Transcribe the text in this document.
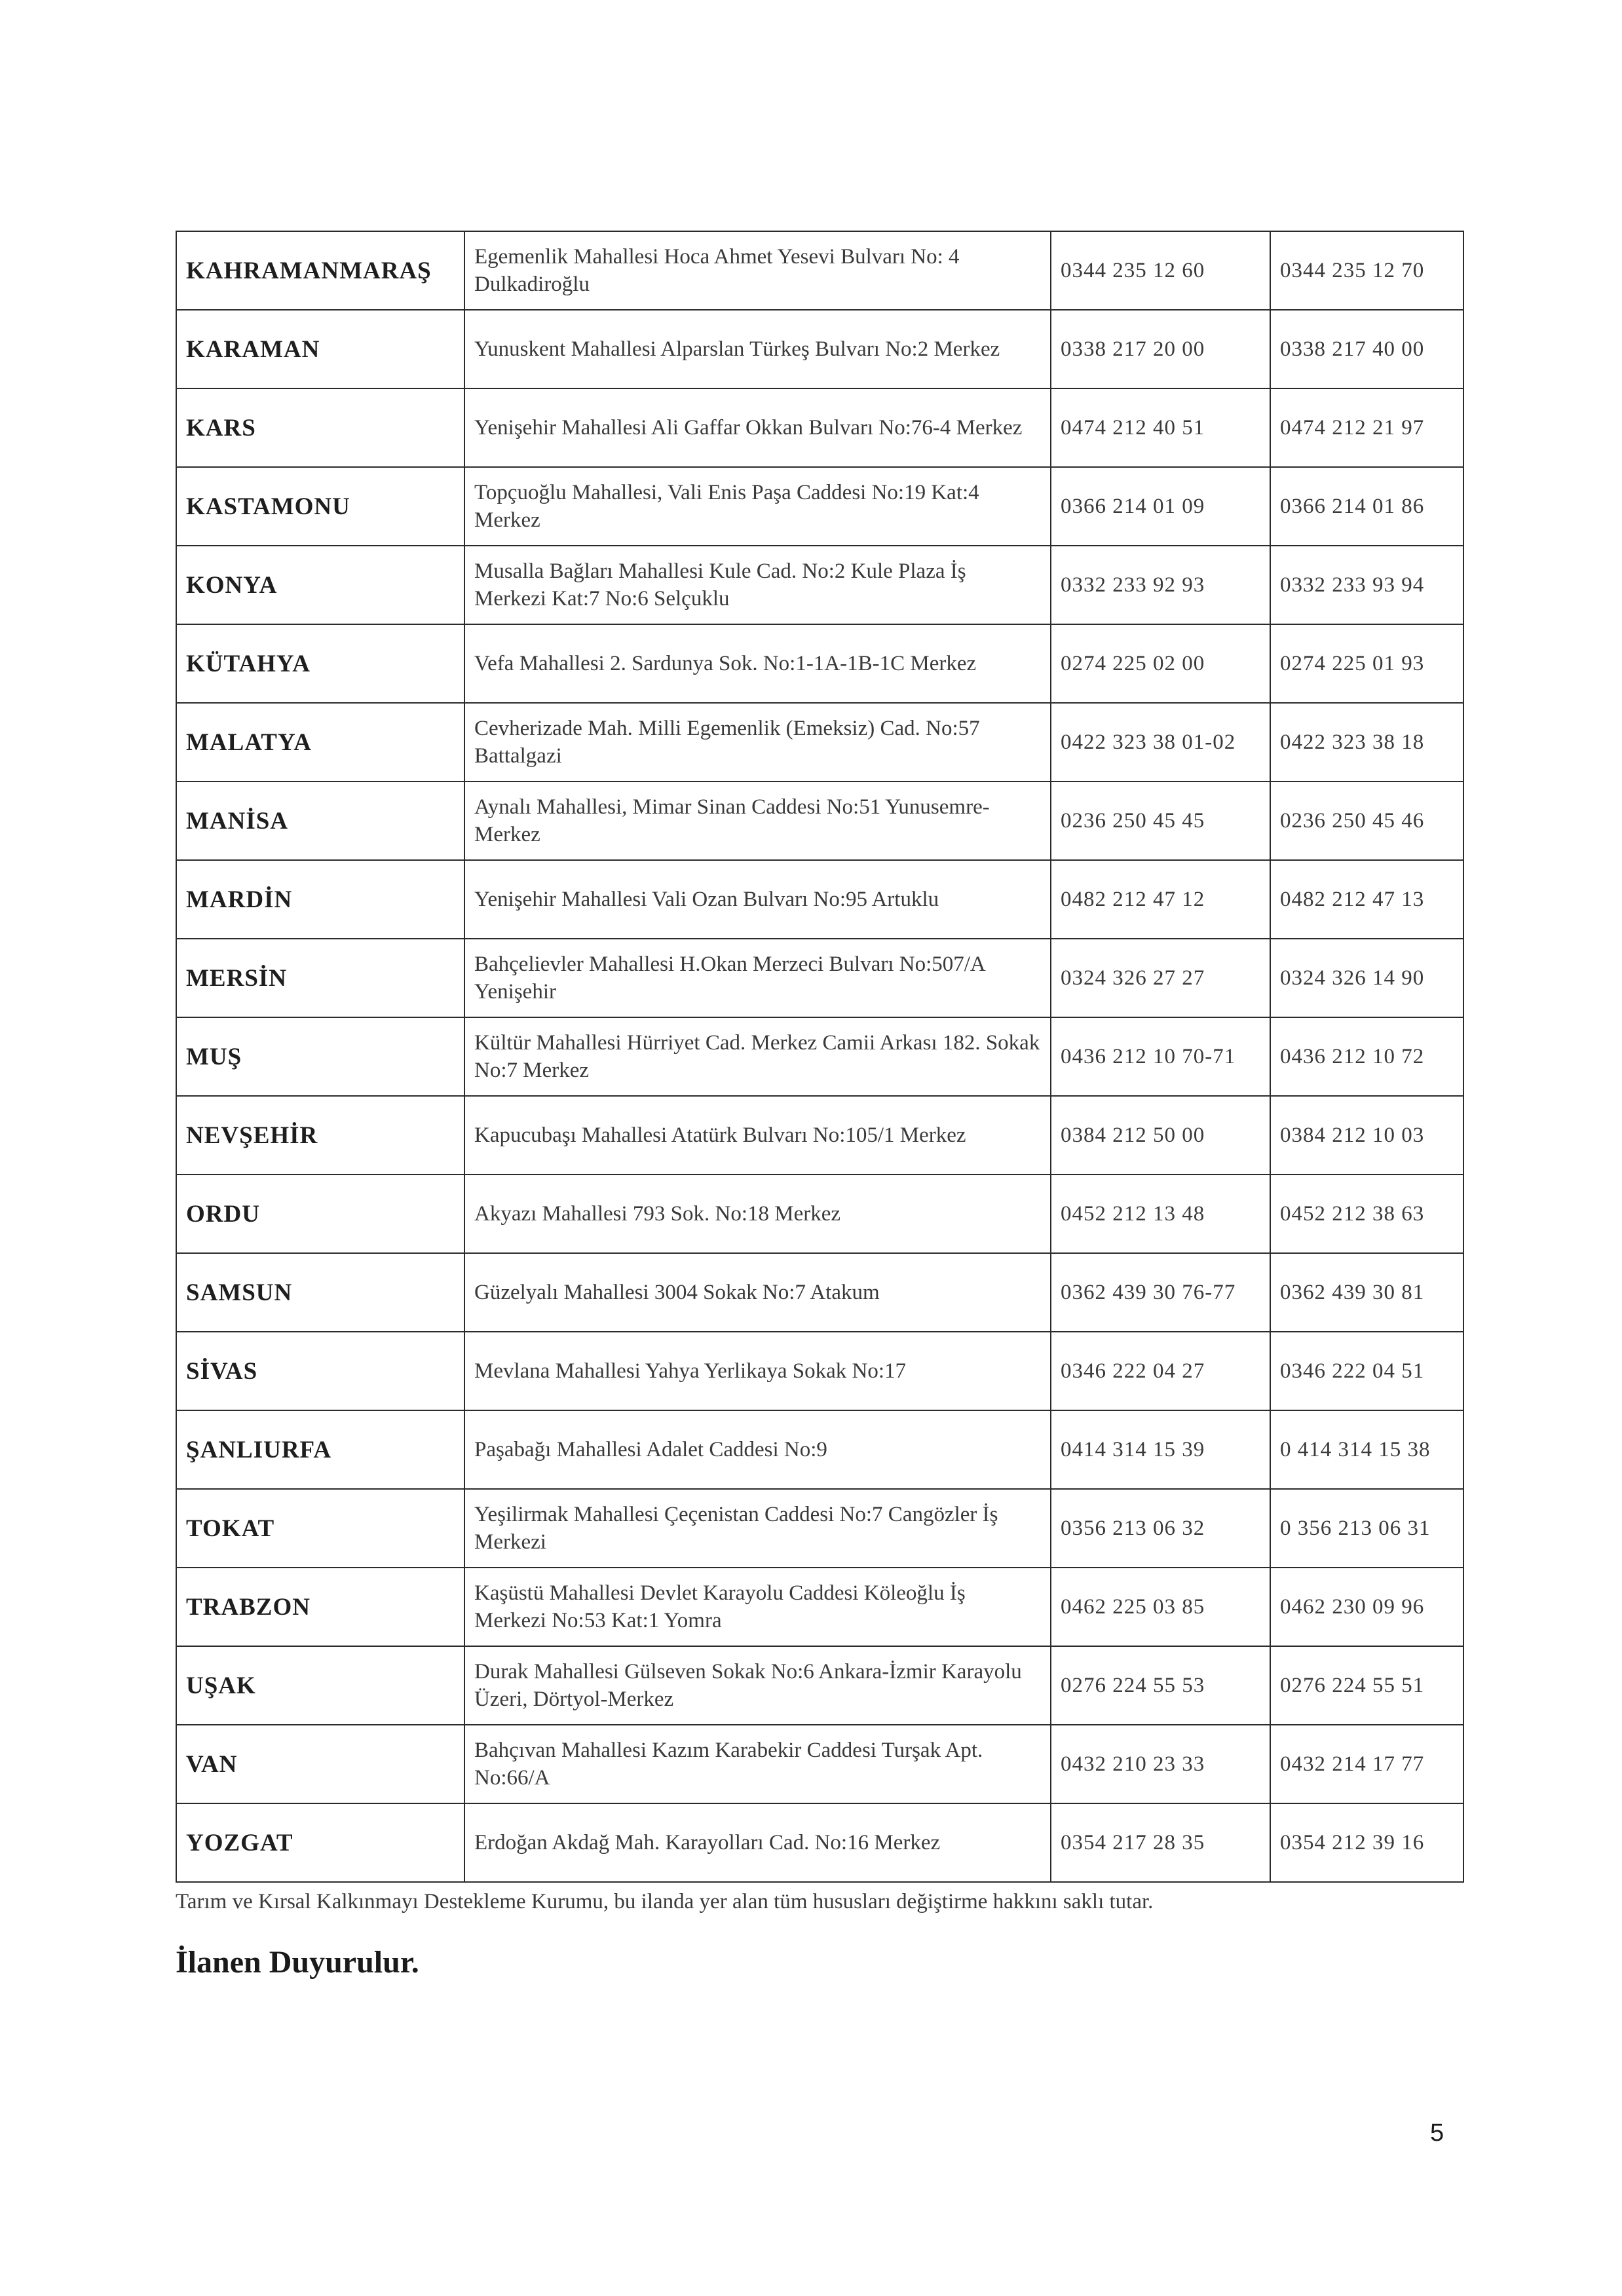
KAHRAMANMARAŞ	Egemenlik Mahallesi Hoca Ahmet Yesevi Bulvarı No: 4 Dulkadiroğlu	0344 235 12 60	0344 235 12 70
KARAMAN	Yunuskent Mahallesi Alparslan Türkeş Bulvarı No:2 Merkez	0338 217 20 00	0338 217 40 00
KARS	Yenişehir Mahallesi Ali Gaffar Okkan Bulvarı No:76-4 Merkez	0474 212 40 51	0474 212 21 97
KASTAMONU	Topçuoğlu Mahallesi, Vali Enis Paşa Caddesi No:19 Kat:4 Merkez	0366 214 01 09	0366 214 01 86
KONYA	Musalla Bağları Mahallesi Kule Cad. No:2 Kule Plaza İş Merkezi Kat:7 No:6 Selçuklu	0332 233 92 93	0332 233 93 94
KÜTAHYA	Vefa Mahallesi 2. Sardunya Sok. No:1-1A-1B-1C Merkez	0274 225 02 00	0274 225 01 93
MALATYA	Cevherizade Mah. Milli Egemenlik (Emeksiz) Cad. No:57 Battalgazi	0422 323 38 01-02	0422 323 38 18
MANİSA	Aynalı Mahallesi, Mimar Sinan Caddesi No:51 Yunusemre-Merkez	0236 250 45 45	0236 250 45 46
MARDİN	Yenişehir Mahallesi Vali Ozan Bulvarı No:95 Artuklu	0482 212 47 12	0482 212 47 13
MERSİN	Bahçelievler Mahallesi H.Okan Merzeci Bulvarı No:507/A Yenişehir	0324 326 27 27	0324 326 14 90
MUŞ	Kültür Mahallesi Hürriyet Cad. Merkez Camii Arkası 182. Sokak No:7 Merkez	0436 212 10 70-71	0436 212 10 72
NEVŞEHİR	Kapucubaşı Mahallesi Atatürk Bulvarı No:105/1 Merkez	0384 212 50 00	0384 212 10 03
ORDU	Akyazı Mahallesi 793 Sok. No:18 Merkez	0452 212 13 48	0452 212 38 63
SAMSUN	Güzelyalı Mahallesi 3004 Sokak No:7 Atakum	0362 439 30 76-77	0362 439 30 81
SİVAS	Mevlana Mahallesi Yahya Yerlikaya Sokak No:17	0346 222 04 27	0346 222 04 51
ŞANLIURFA	Paşabağı Mahallesi Adalet Caddesi No:9	0414 314 15 39	0 414 314 15 38
TOKAT	Yeşilirmak Mahallesi Çeçenistan Caddesi No:7 Cangözler İş Merkezi	0356 213 06 32	0 356 213 06 31
TRABZON	Kaşüstü Mahallesi Devlet Karayolu Caddesi Köleoğlu İş Merkezi No:53 Kat:1 Yomra	0462 225 03 85	0462 230 09 96
UŞAK	Durak Mahallesi Gülseven Sokak No:6 Ankara-İzmir Karayolu Üzeri, Dörtyol-Merkez	0276 224 55 53	0276 224 55 51
VAN	Bahçıvan Mahallesi Kazım Karabekir Caddesi Turşak Apt. No:66/A	0432 210 23 33	0432 214 17 77
YOZGAT	Erdoğan Akdağ Mah. Karayolları Cad. No:16 Merkez	0354 217 28 35	0354 212 39 16
Tarım ve Kırsal Kalkınmayı Destekleme Kurumu, bu ilanda yer alan tüm hususları değiştirme hakkını saklı tutar.
İlanen Duyurulur.
5
